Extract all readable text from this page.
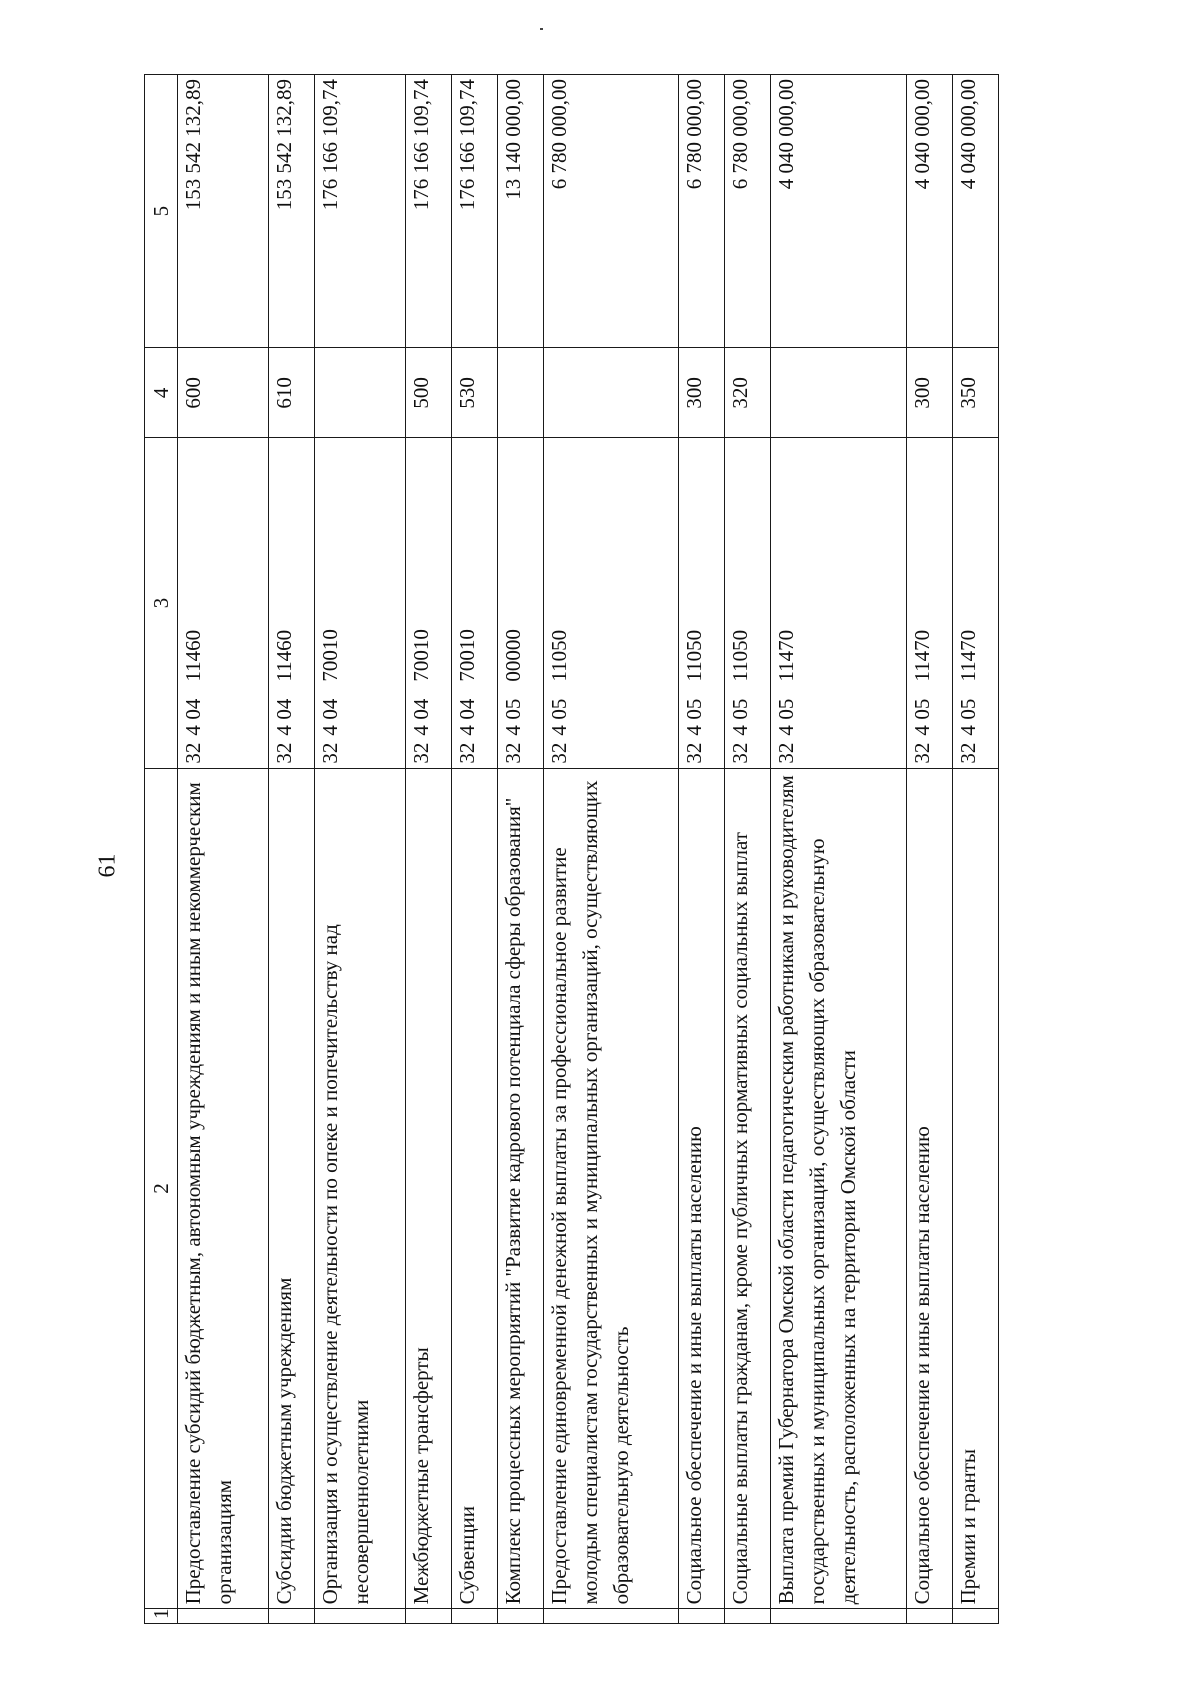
61
1	2	3	4	5
	Предоставление субсидий бюджетным, автономным учреждениям и иным некоммерческим организациям	3240411460	600	153 542 132,89
	Субсидии бюджетным учреждениям	3240411460	610	153 542 132,89
	Организация и осуществление деятельности по опеке и попечительству над несовершеннолетними	3240470010		176 166 109,74
	Межбюджетные трансферты	3240470010	500	176 166 109,74
	Субвенции	3240470010	530	176 166 109,74
	Комплекс процессных мероприятий "Развитие кадрового потенциала сферы образования"	3240500000		13 140 000,00
	Предоставление единовременной денежной выплаты за профессиональное развитие молодым специалистам государственных и муниципальных организаций, осуществляющих образовательную деятельность	3240511050		6 780 000,00
	Социальное обеспечение и иные выплаты населению	3240511050	300	6 780 000,00
	Социальные выплаты гражданам, кроме публичных нормативных социальных выплат	3240511050	320	6 780 000,00
	Выплата премий Губернатора Омской области педагогическим работникам и руководителям государственных и муниципальных организаций, осуществляющих образовательную деятельность, расположенных на территории Омской области	3240511470		4 040 000,00
	Социальное обеспечение и иные выплаты населению	3240511470	300	4 040 000,00
	Премии и гранты	3240511470	350	4 040 000,00
